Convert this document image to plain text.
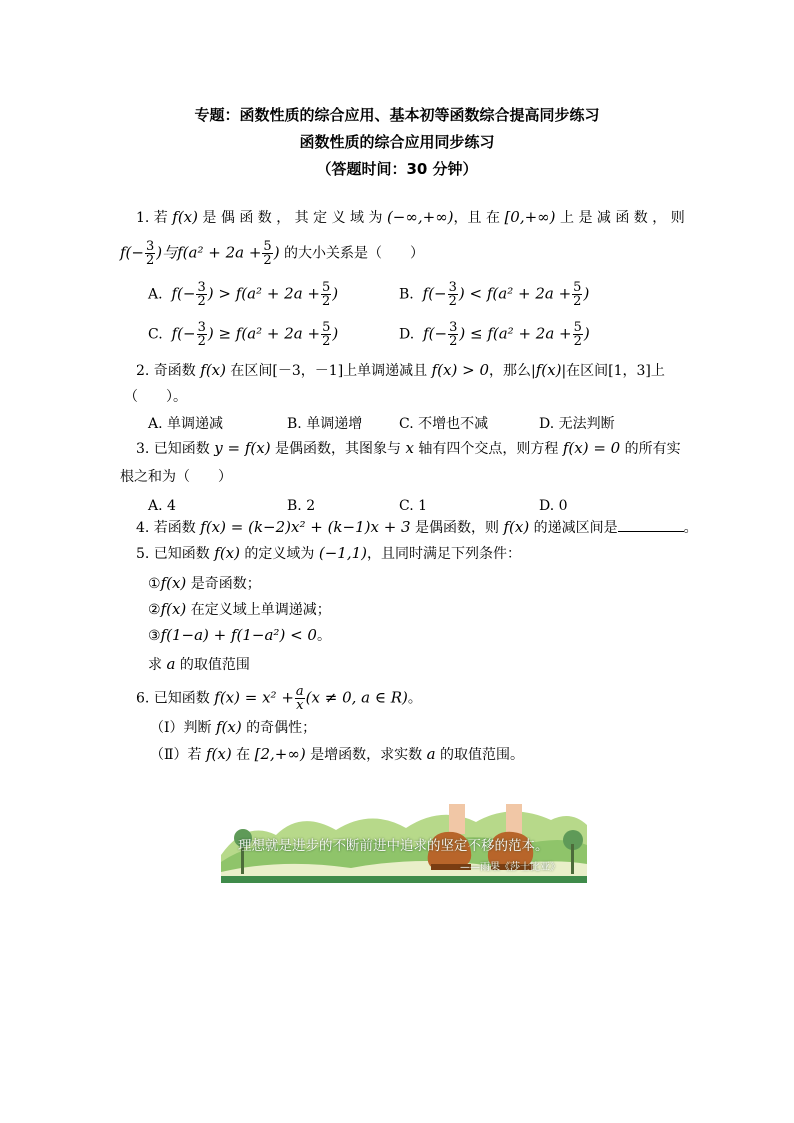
专题：函数性质的综合应用、基本初等函数综合提高同步练习
函数性质的综合应用同步练习
（答题时间：30 分钟）
1. 若 f(x) 是 偶 函 数 ， 其 定 义 域 为 (−∞,+∞)，且 在 [0,+∞) 上 是 减 函 数 ， 则
$f(- \frac{3}{2}$ )与$f(a^2 + 2a + \frac{5}{2}$ ) 的大小关系是（　　）
A. $f(- \frac{3}{2}$ ) > $f(a^2 + 2a + \frac{5}{2}$ )	B. $f(- \frac{3}{2}$ ) < $f(a^2 + 2a + \frac{5}{2}$ )
C. $f(- \frac{3}{2}$ ) ≥ $f(a^2 + 2a + \frac{5}{2}$ )	D. $f(- \frac{3}{2}$ ) ≤ $f(a^2 + 2a + \frac{5}{2}$ )
2. 奇函数 f(x) 在区间[－3，－1]上单调递减且 f(x) > 0，那么|f(x)|在区间[1，3]上
（　　）。
A. 单调递减	B. 单调递增	C. 不增也不减	D. 无法判断
3. 已知函数 y = f(x) 是偶函数，其图象与 x 轴有四个交点，则方程 f(x) = 0 的所有实
根之和为（　　）
A. 4	B. 2	C. 1	D. 0
4. 若函数 f(x) = (k−2)x² + (k−1)x + 3 是偶函数，则 f(x) 的递减区间是	。
5. 已知函数 f(x) 的定义域为 (−1,1)，且同时满足下列条件：
①f(x) 是奇函数；
②f(x) 在定义域上单调递减；
③f(1−a) + f(1−a²) < 0。
求 a 的取值范围
6. 已知函数 $f(x) = x^2 + \frac{a}{x} (x \ne 0$, a ∈ R)。
（Ⅰ）判断 f(x) 的奇偶性；
（Ⅱ）若 f(x) 在 [2,+∞) 是增函数，求实数 a 的取值范围。
理想就是进步的不断前进中追求的坚定不移的范本。
——雨果《莎士比亚》
